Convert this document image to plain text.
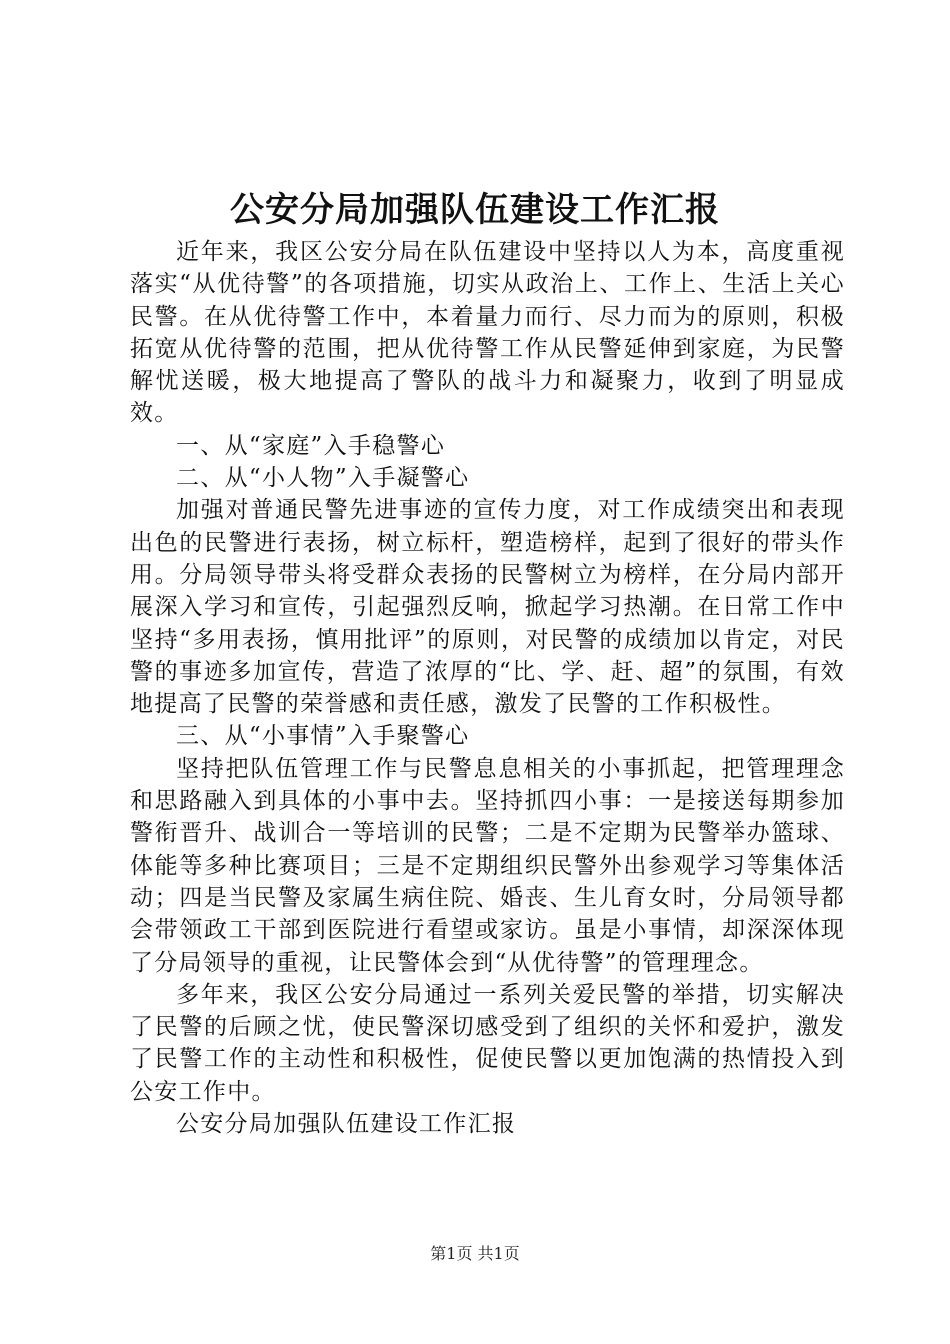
公安分局加强队伍建设工作汇报

近年来，我区公安分局在队伍建设中坚持以人为本，高度重视落实“从优待警”的各项措施，切实从政治上、工作上、生活上关心民警。在从优待警工作中，本着量力而行、尽力而为的原则，积极拓宽从优待警的范围，把从优待警工作从民警延伸到家庭，为民警解忧送暖，极大地提高了警队的战斗力和凝聚力，收到了明显成效。

一、从“家庭”入手稳警心

二、从“小人物”入手凝警心

加强对普通民警先进事迹的宣传力度，对工作成绩突出和表现出色的民警进行表扬，树立标杆，塑造榜样，起到了很好的带头作用。分局领导带头将受群众表扬的民警树立为榜样，在分局内部开展深入学习和宣传，引起强烈反响，掀起学习热潮。在日常工作中坚持“多用表扬，慎用批评”的原则，对民警的成绩加以肯定，对民警的事迹多加宣传，营造了浓厚的“比、学、赶、超”的氛围，有效地提高了民警的荣誉感和责任感，激发了民警的工作积极性。

三、从“小事情”入手聚警心

坚持把队伍管理工作与民警息息相关的小事抓起，把管理理念和思路融入到具体的小事中去。坚持抓四小事：一是接送每期参加警衔晋升、战训合一等培训的民警；二是不定期为民警举办篮球、体能等多种比赛项目；三是不定期组织民警外出参观学习等集体活动；四是当民警及家属生病住院、婚丧、生儿育女时，分局领导都会带领政工干部到医院进行看望或家访。虽是小事情，却深深体现了分局领导的重视，让民警体会到“从优待警”的管理理念。

多年来，我区公安分局通过一系列关爱民警的举措，切实解决了民警的后顾之忧，使民警深切感受到了组织的关怀和爱护，激发了民警工作的主动性和积极性，促使民警以更加饱满的热情投入到公安工作中。

公安分局加强队伍建设工作汇报

第1页 共1页
